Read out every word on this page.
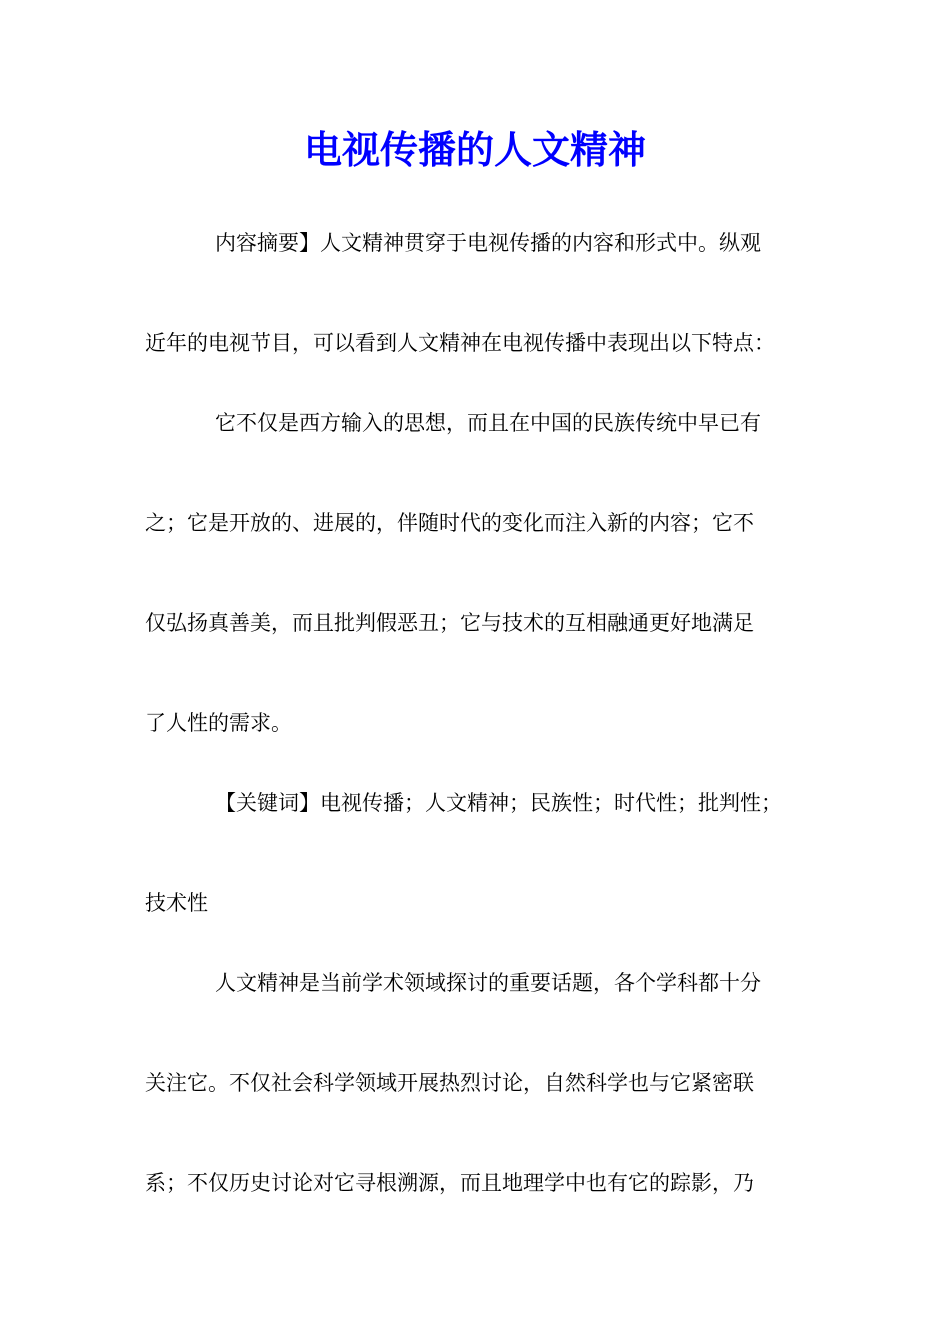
电视传播的人文精神
内容摘要】人文精神贯穿于电视传播的内容和形式中。纵观
近年的电视节目，可以看到人文精神在电视传播中表现出以下特点：
它不仅是西方输入的思想，而且在中国的民族传统中早已有
之；它是开放的、进展的，伴随时代的变化而注入新的内容；它不
仅弘扬真善美，而且批判假恶丑；它与技术的互相融通更好地满足
了人性的需求。
【关键词】电视传播；人文精神；民族性；时代性；批判性；
技术性
人文精神是当前学术领域探讨的重要话题，各个学科都十分
关注它。不仅社会科学领域开展热烈讨论，自然科学也与它紧密联
系；不仅历史讨论对它寻根溯源，而且地理学中也有它的踪影，乃
